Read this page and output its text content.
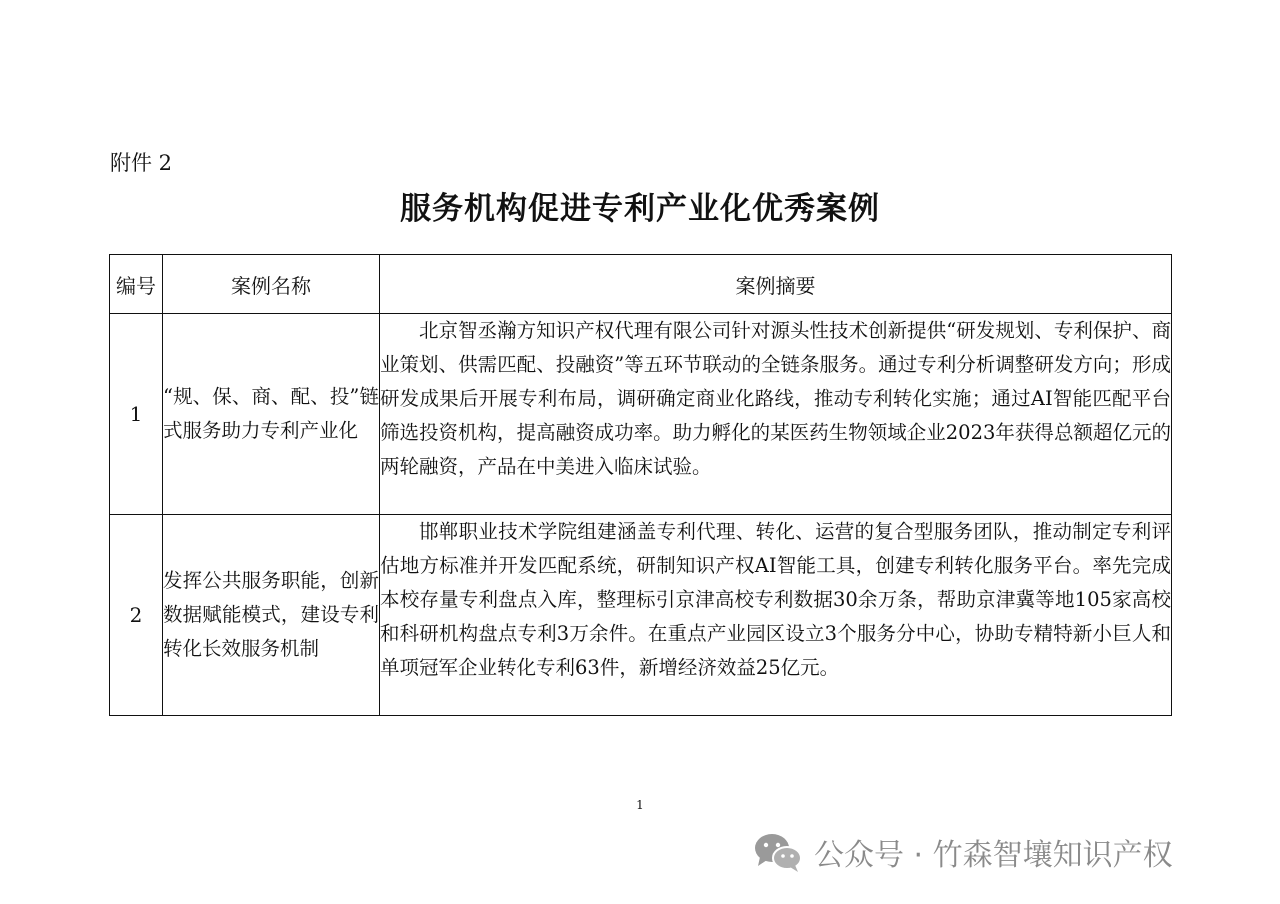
附件 2
服务机构促进专利产业化优秀案例
编号	案例名称	案例摘要
1	“规、保、商、配、投”链式服务助力专利产业化	北京智丞瀚方知识产权代理有限公司针对源头性技术创新提供“研发规划、专利保护、商业策划、供需匹配、投融资”等五环节联动的全链条服务。通过专利分析调整研发方向；形成研发成果后开展专利布局，调研确定商业化路线，推动专利转化实施；通过AI智能匹配平台筛选投资机构，提高融资成功率。助力孵化的某医药生物领域企业2023年获得总额超亿元的两轮融资，产品在中美进入临床试验。
2	发挥公共服务职能，创新数据赋能模式，建设专利转化长效服务机制	邯郸职业技术学院组建涵盖专利代理、转化、运营的复合型服务团队，推动制定专利评估地方标准并开发匹配系统，研制知识产权AI智能工具，创建专利转化服务平台。率先完成本校存量专利盘点入库，整理标引京津高校专利数据30余万条，帮助京津冀等地105家高校和科研机构盘点专利3万余件。在重点产业园区设立3个服务分中心，协助专精特新小巨人和单项冠军企业转化专利63件，新增经济效益25亿元。
1
公众号 · 竹森智壤知识产权
